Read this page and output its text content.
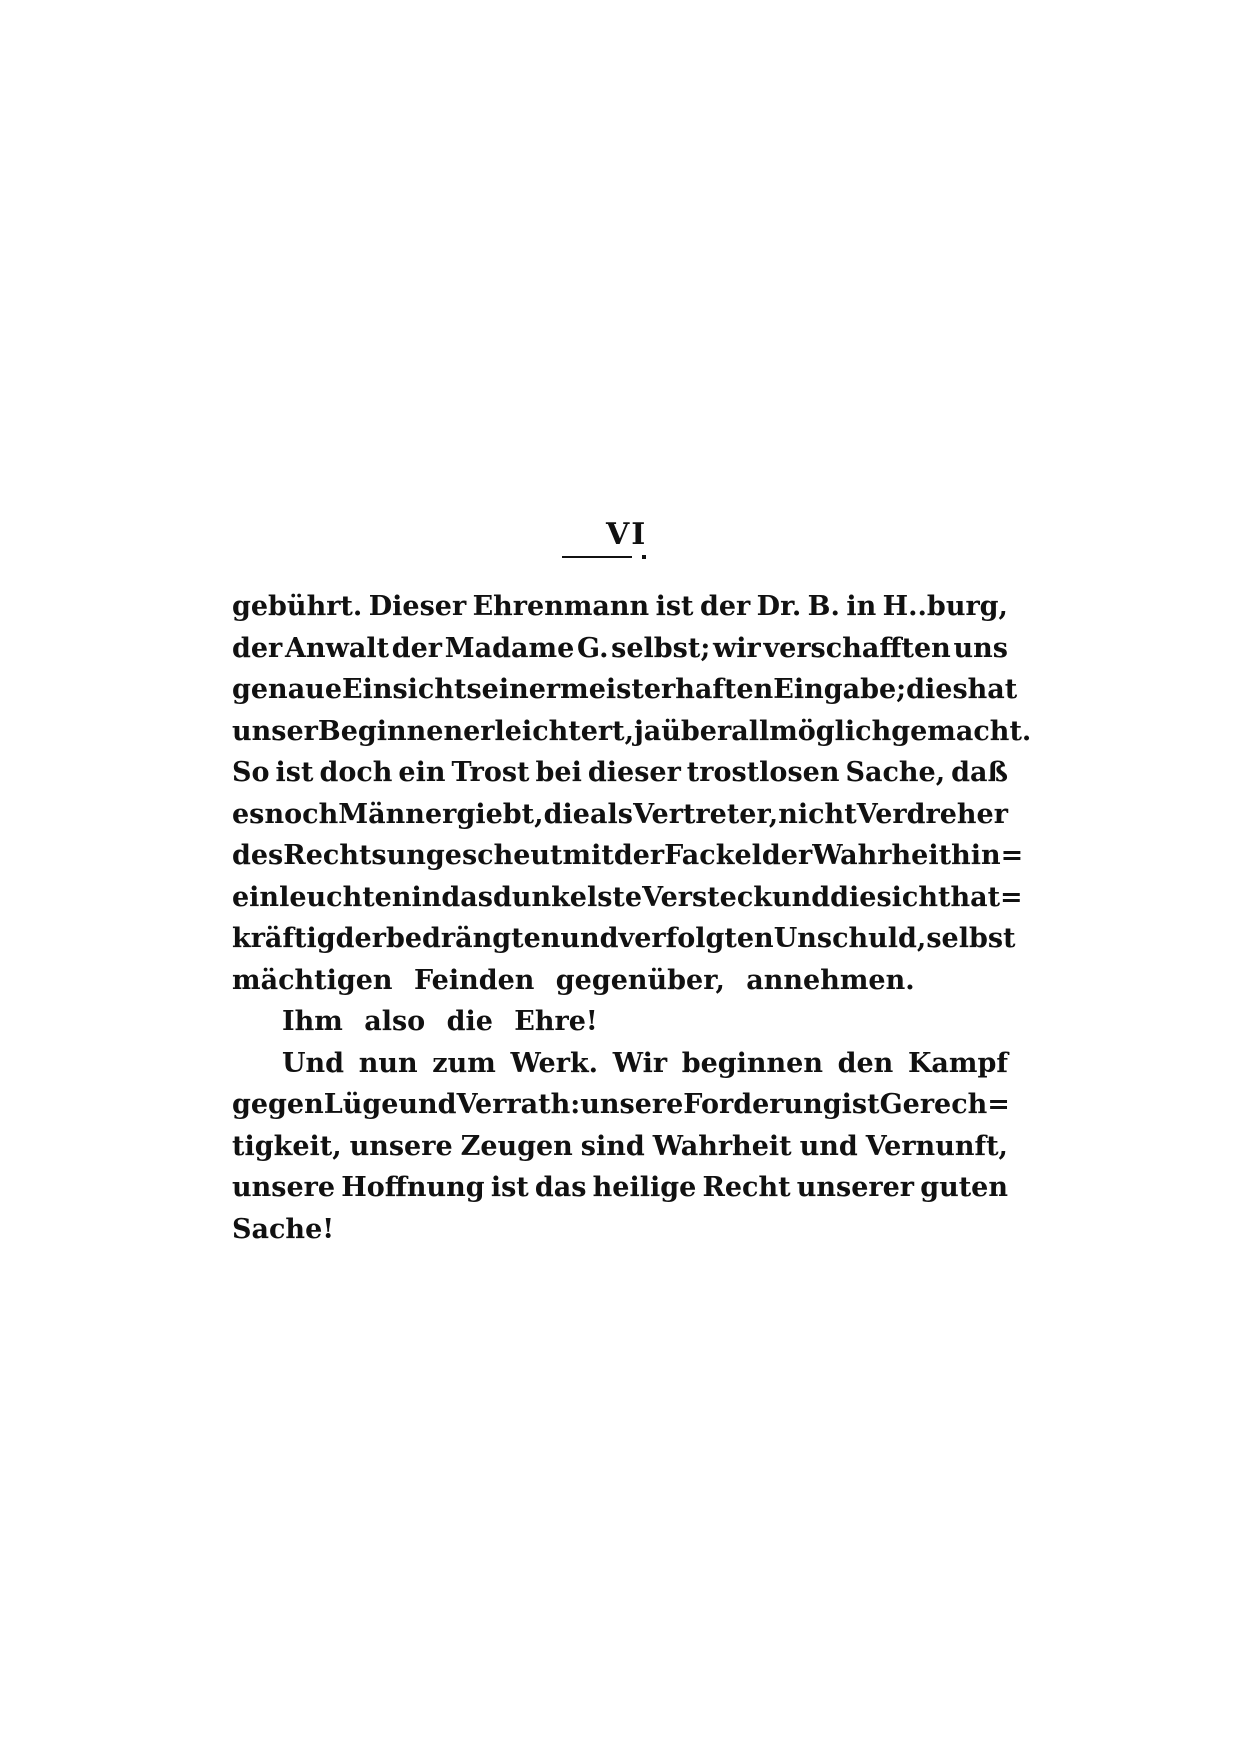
VI
gebührt. Dieser Ehrenmann ist der Dr. B. in H..burg,
der Anwalt der Madame G. selbst; wir verschafften uns
genaue Einsicht seiner meisterhaften Eingabe; dies hat
unser Beginnen erleichtert, ja überall möglich gemacht.
So ist doch ein Trost bei dieser trostlosen Sache, daß
es noch Männer giebt, die als Vertreter, nicht Verdreher
des Rechts ungescheut mit der Fackel der Wahrheit hin=
einleuchten in das dunkelste Versteck und die sich that=
kräftig der bedrängten und verfolgten Unschuld, selbst
mächtigen Feinden gegenüber, annehmen.
Ihm also die Ehre!
Und nun zum Werk. Wir beginnen den Kampf
gegen Lüge und Verrath: unsere Forderung ist Gerech=
tigkeit, unsere Zeugen sind Wahrheit und Vernunft,
unsere Hoffnung ist das heilige Recht unserer guten
Sache!
